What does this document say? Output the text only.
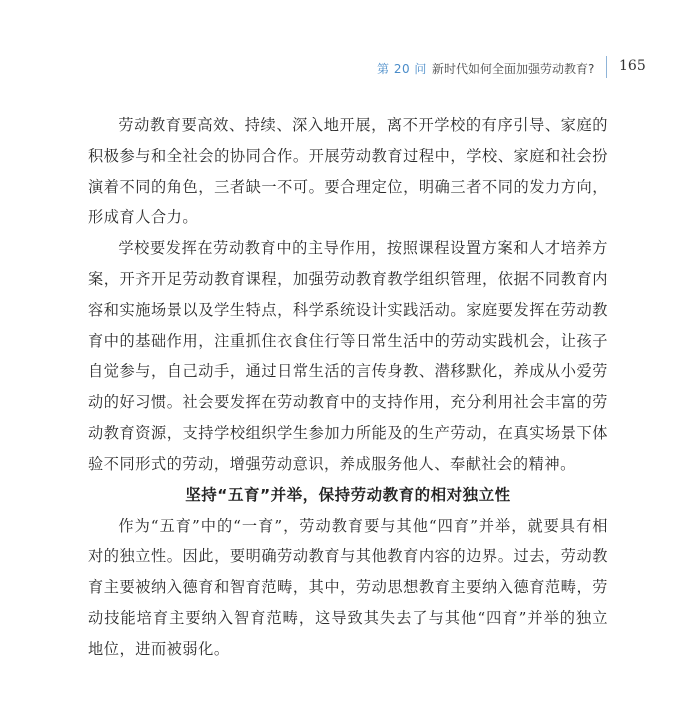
第 20 问 新时代如何全面加强劳动教育? 165

劳动教育要高效、持续、深入地开展，离不开学校的有序引导、家庭的积极参与和全社会的协同合作。开展劳动教育过程中，学校、家庭和社会扮演着不同的角色，三者缺一不可。要合理定位，明确三者不同的发力方向，形成育人合力。

学校要发挥在劳动教育中的主导作用，按照课程设置方案和人才培养方案，开齐开足劳动教育课程，加强劳动教育教学组织管理，依据不同教育内容和实施场景以及学生特点，科学系统设计实践活动。家庭要发挥在劳动教育中的基础作用，注重抓住衣食住行等日常生活中的劳动实践机会，让孩子自觉参与，自己动手，通过日常生活的言传身教、潜移默化，养成从小爱劳动的好习惯。社会要发挥在劳动教育中的支持作用，充分利用社会丰富的劳动教育资源，支持学校组织学生参加力所能及的生产劳动，在真实场景下体验不同形式的劳动，增强劳动意识，养成服务他人、奉献社会的精神。

坚持“五育”并举，保持劳动教育的相对独立性

作为“五育”中的“一育”，劳动教育要与其他“四育”并举，就要具有相对的独立性。因此，要明确劳动教育与其他教育内容的边界。过去，劳动教育主要被纳入德育和智育范畴，其中，劳动思想教育主要纳入德育范畴，劳动技能培育主要纳入智育范畴，这导致其失去了与其他“四育”并举的独立地位，进而被弱化。
